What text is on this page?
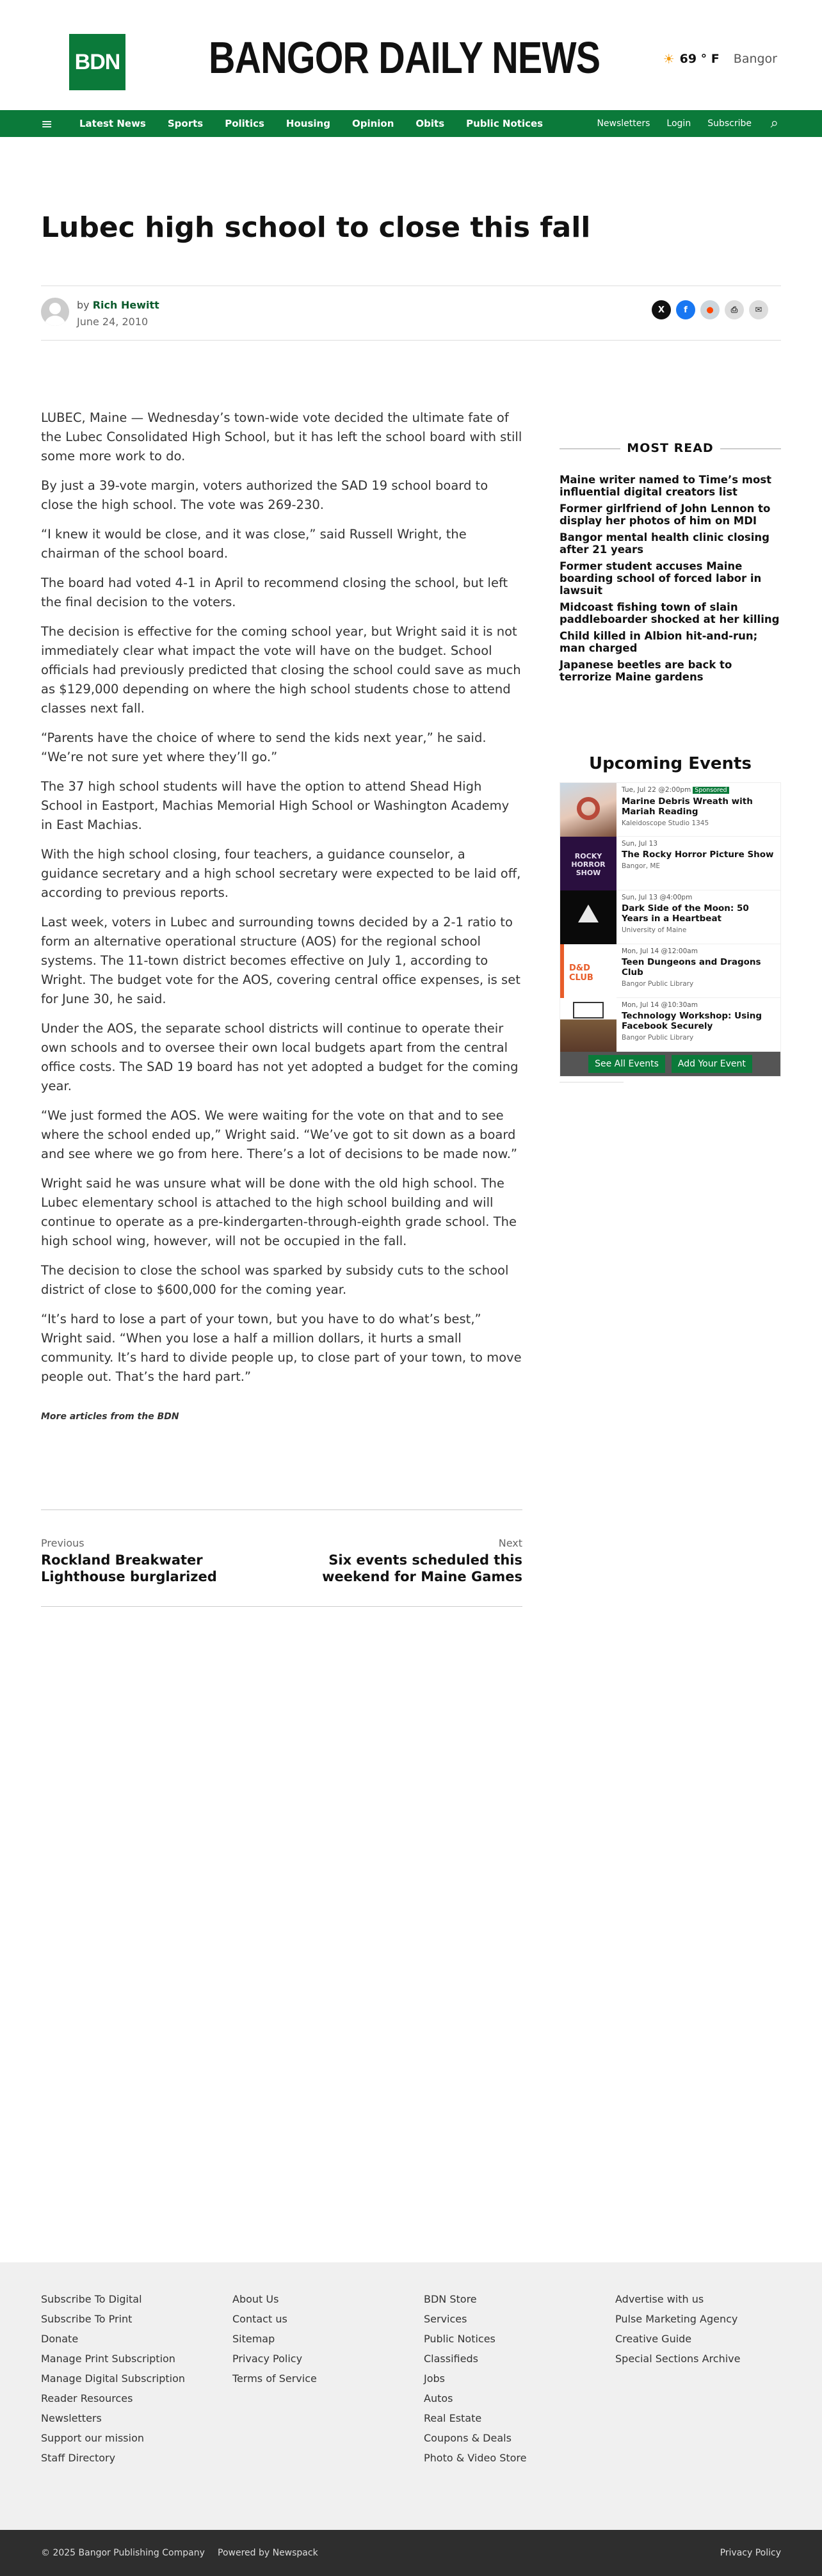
BDN BANGOR DAILY NEWS	☀ 69 ° F Bangor
≡	Latest News Sports Politics Housing Opinion Obits Public Notices	Newsletters Login Subscribe ⌕
Lubec high school to close this fall
by Rich Hewitt
June 24, 2010
X	f	●	⎙	✉

LUBEC, Maine — Wednesday’s town-wide vote decided the ultimate fate of the Lubec Consolidated High School, but it has left the school board with still some more work to do.

By just a 39-vote margin, voters authorized the SAD 19 school board to close the high school. The vote was 269-230.

“I knew it would be close, and it was close,” said Russell Wright, the chairman of the school board.

The board had voted 4-1 in April to recommend closing the school, but left the final decision to the voters.

The decision is effective for the coming school year, but Wright said it is not immediately clear what impact the vote will have on the budget. School officials had previously predicted that closing the school could save as much as $129,000 depending on where the high school students chose to attend classes next fall.

“Parents have the choice of where to send the kids next year,” he said. “We’re not sure yet where they’ll go.”

The 37 high school students will have the option to attend Shead High School in Eastport, Machias Memorial High School or Washington Academy in East Machias.

With the high school closing, four teachers, a guidance counselor, a guidance secretary and a high school secretary were expected to be laid off, according to previous reports.

Last week, voters in Lubec and surrounding towns decided by a 2-1 ratio to form an alternative operational structure (AOS) for the regional school systems. The 11-town district becomes effective on July 1, according to Wright. The budget vote for the AOS, covering central office expenses, is set for June 30, he said.

Under the AOS, the separate school districts will continue to operate their own schools and to oversee their own local budgets apart from the central office costs. The SAD 19 board has not yet adopted a budget for the coming year.

“We just formed the AOS. We were waiting for the vote on that and to see where the school ended up,” Wright said. “We’ve got to sit down as a board and see where we go from here. There’s a lot of decisions to be made now.”

Wright said he was unsure what will be done with the old high school. The Lubec elementary school is attached to the high school building and will continue to operate as a pre-kindergarten-through-eighth grade school. The high school wing, however, will not be occupied in the fall.

The decision to close the school was sparked by subsidy cuts to the school district of close to $600,000 for the coming year.

“It’s hard to lose a part of your town, but you have to do what’s best,” Wright said. “When you lose a half a million dollars, it hurts a small community. It’s hard to divide people up, to close part of your town, to move people out. That’s the hard part.”

More articles from the BDN
Previous
Rockland Breakwater Lighthouse burglarized
Next
Six events scheduled this weekend for Maine Games
MOST READ
Maine writer named to Time’s most influential digital creators list
Former girlfriend of John Lennon to display her photos of him on MDI
Bangor mental health clinic closing after 21 years
Former student accuses Maine boarding school of forced labor in lawsuit
Midcoast fishing town of slain paddleboarder shocked at her killing
Child killed in Albion hit-and-run; man charged
Japanese beetles are back to terrorize Maine gardens
Upcoming Events
Tue, Jul 22 @2:00pm Sponsored
Marine Debris Wreath with Mariah Reading
Kaleidoscope Studio 1345
ROCKY HORROR SHOW
Sun, Jul 13
The Rocky Horror Picture Show
Bangor, ME
Sun, Jul 13 @4:00pm
Dark Side of the Moon: 50 Years in a Heartbeat
University of Maine
D&D CLUB
Mon, Jul 14 @12:00am
Teen Dungeons and Dragons Club
Bangor Public Library
Mon, Jul 14 @10:30am
Technology Workshop: Using Facebook Securely
Bangor Public Library
See All Events	Add Your Event
Subscribe To Digital
Subscribe To Print
Donate
Manage Print Subscription
Manage Digital Subscription
Reader Resources
Newsletters
Support our mission
Staff Directory
About Us
Contact us
Sitemap
Privacy Policy
Terms of Service
BDN Store
Services
Public Notices
Classifieds
Jobs
Autos
Real Estate
Coupons & Deals
Photo & Video Store
Advertise with us
Pulse Marketing Agency
Creative Guide
Special Sections Archive
© 2025 Bangor Publishing Company Powered by Newspack	Privacy Policy
